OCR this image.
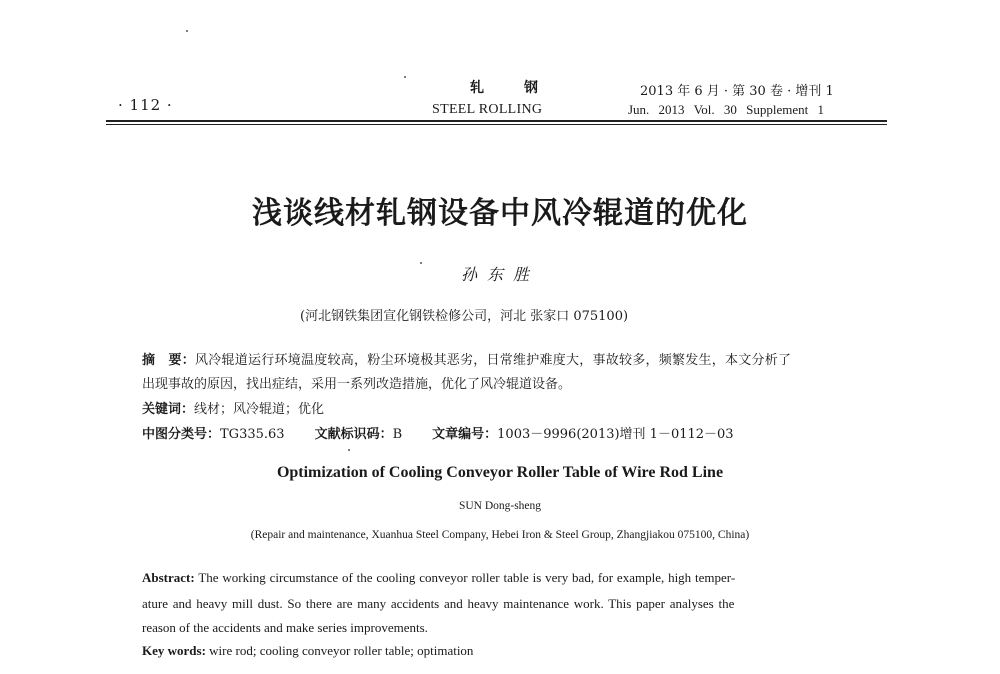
· 112 ·
轧钢
STEEL ROLLING
2013 年 6 月 · 第 30 卷 · 增刊 1
Jun. 2013 Vol. 30 Supplement 1
浅谈线材轧钢设备中风冷辊道的优化
孙东胜
(河北钢铁集团宣化钢铁检修公司，河北 张家口 075100)
摘　要：风冷辊道运行环境温度较高，粉尘环境极其恶劣，日常维护难度大，事故较多，频繁发生，本文分析了
出现事故的原因，找出症结，采用一系列改造措施，优化了风冷辊道设备。
关键词：线材；风冷辊道；优化
中图分类号：TG335.63 文献标识码：B 文章编号：1003－9996(2013)增刊 1－0112－03
Optimization of Cooling Conveyor Roller Table of Wire Rod Line
SUN Dong-sheng
(Repair and maintenance, Xuanhua Steel Company, Hebei Iron & Steel Group, Zhangjiakou 075100, China)
Abstract: The working circumstance of the cooling conveyor roller table is very bad, for example, high temper-
ature and heavy mill dust. So there are many accidents and heavy maintenance work. This paper analyses the
reason of the accidents and make series improvements.
Key words: wire rod; cooling conveyor roller table; optimation
